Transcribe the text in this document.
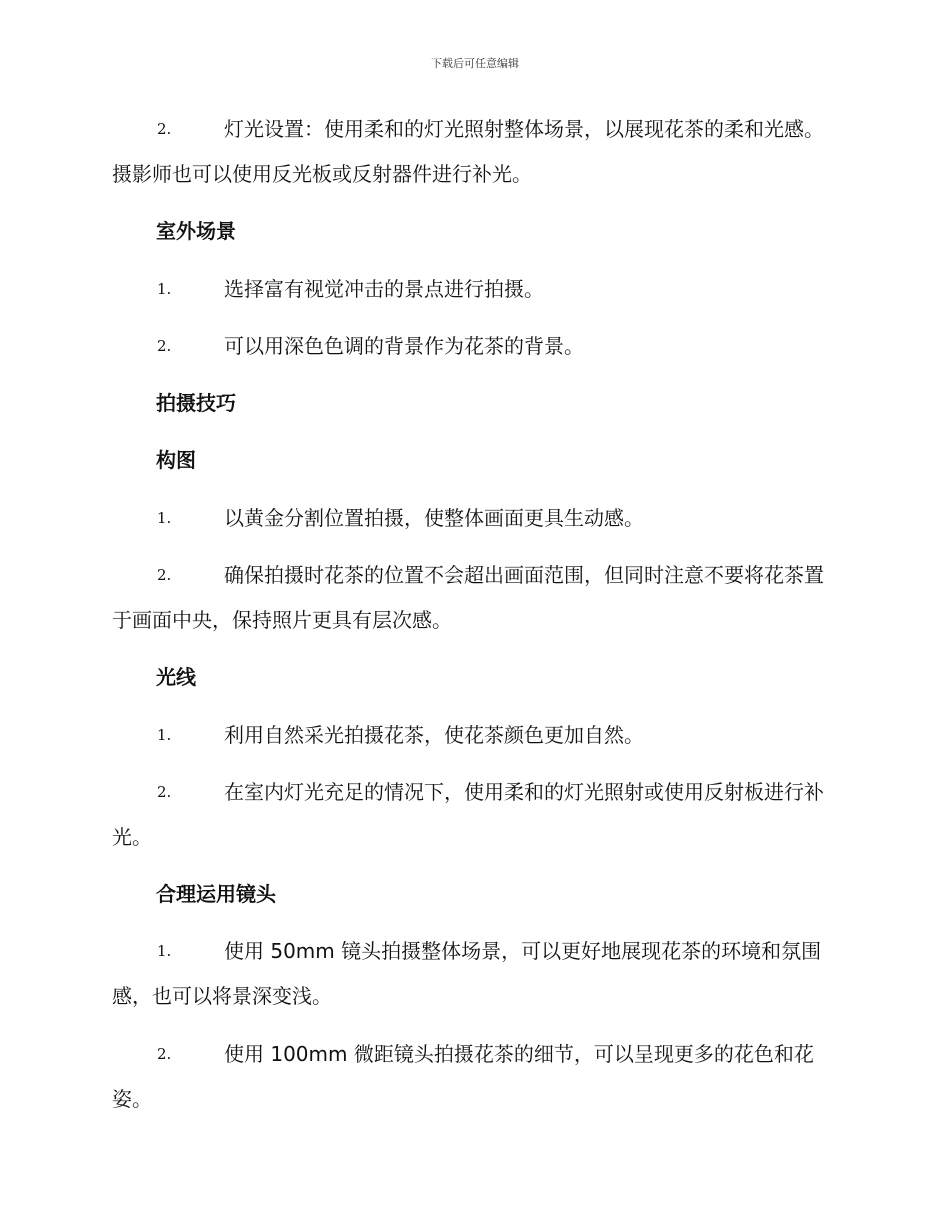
下载后可任意编辑
2.	灯光设置：使用柔和的灯光照射整体场景，以展现花茶的柔和光感。摄影师也可以使用反光板或反射器件进行补光。
室外场景
1.	选择富有视觉冲击的景点进行拍摄。
2.	可以用深色色调的背景作为花茶的背景。
拍摄技巧
构图
1.	以黄金分割位置拍摄，使整体画面更具生动感。
2.	确保拍摄时花茶的位置不会超出画面范围，但同时注意不要将花茶置于画面中央，保持照片更具有层次感。
光线
1.	利用自然采光拍摄花茶，使花茶颜色更加自然。
2.	在室内灯光充足的情况下，使用柔和的灯光照射或使用反射板进行补光。
合理运用镜头
1.	使用 50mm 镜头拍摄整体场景，可以更好地展现花茶的环境和氛围感，也可以将景深变浅。
2.	使用 100mm 微距镜头拍摄花茶的细节，可以呈现更多的花色和花姿。
